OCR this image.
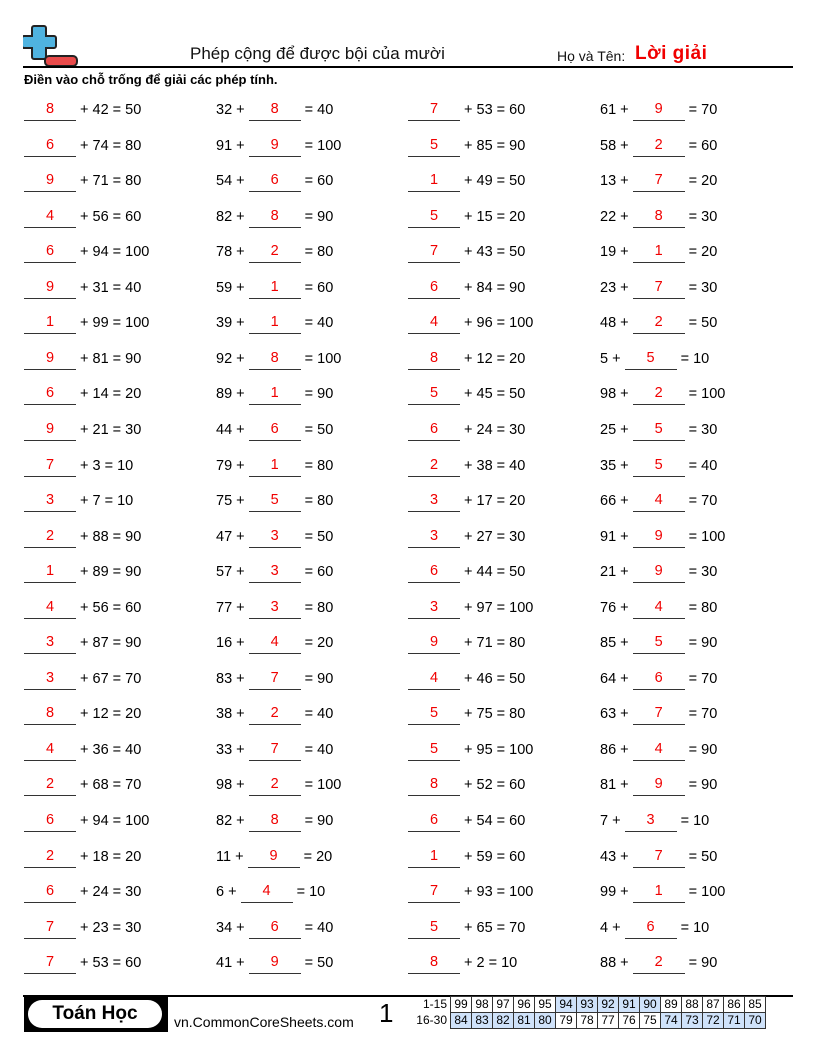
Phép cộng để được bội của mười	Họ và Tên: Lời giải
Điền vào chỗ trống để giải các phép tính.
8	+ 42 = 50
6	+ 74 = 80
9	+ 71 = 80
4	+ 56 = 60
6	+ 94 = 100
9	+ 31 = 40
1	+ 99 = 100
9	+ 81 = 90
6	+ 14 = 20
9	+ 21 = 30
7	+ 3 = 10
3	+ 7 = 10
2	+ 88 = 90
1	+ 89 = 90
4	+ 56 = 60
3	+ 87 = 90
3	+ 67 = 70
8	+ 12 = 20
4	+ 36 = 40
2	+ 68 = 70
6	+ 94 = 100
2	+ 18 = 20
6	+ 24 = 30
7	+ 23 = 30
7	+ 53 = 60
32 +	8	= 40
91 +	9	= 100
54 +	6	= 60
82 +	8	= 90
78 +	2	= 80
59 +	1	= 60
39 +	1	= 40
92 +	8	= 100
89 +	1	= 90
44 +	6	= 50
79 +	1	= 80
75 +	5	= 80
47 +	3	= 50
57 +	3	= 60
77 +	3	= 80
16 +	4	= 20
83 +	7	= 90
38 +	2	= 40
33 +	7	= 40
98 +	2	= 100
82 +	8	= 90
11 +	9	= 20
6 +	4	= 10
34 +	6	= 40
41 +	9	= 50
7	+ 53 = 60
5	+ 85 = 90
1	+ 49 = 50
5	+ 15 = 20
7	+ 43 = 50
6	+ 84 = 90
4	+ 96 = 100
8	+ 12 = 20
5	+ 45 = 50
6	+ 24 = 30
2	+ 38 = 40
3	+ 17 = 20
3	+ 27 = 30
6	+ 44 = 50
3	+ 97 = 100
9	+ 71 = 80
4	+ 46 = 50
5	+ 75 = 80
5	+ 95 = 100
8	+ 52 = 60
6	+ 54 = 60
1	+ 59 = 60
7	+ 93 = 100
5	+ 65 = 70
8	+ 2 = 10
61 +	9	= 70
58 +	2	= 60
13 +	7	= 20
22 +	8	= 30
19 +	1	= 20
23 +	7	= 30
48 +	2	= 50
5 +	5	= 10
98 +	2	= 100
25 +	5	= 30
35 +	5	= 40
66 +	4	= 70
91 +	9	= 100
21 +	9	= 30
76 +	4	= 80
85 +	5	= 90
64 +	6	= 70
63 +	7	= 70
86 +	4	= 90
81 +	9	= 90
7 +	3	= 10
43 +	7	= 50
99 +	1	= 100
4 +	6	= 10
88 +	2	= 90
Toán Học	vn.CommonCoreSheets.com 1 1-15	99	98	97	96	95	94	93	92	91	90	89	88	87	86	85
16-30	84	83	82	81	80	79	78	77	76	75	74	73	72	71	70
